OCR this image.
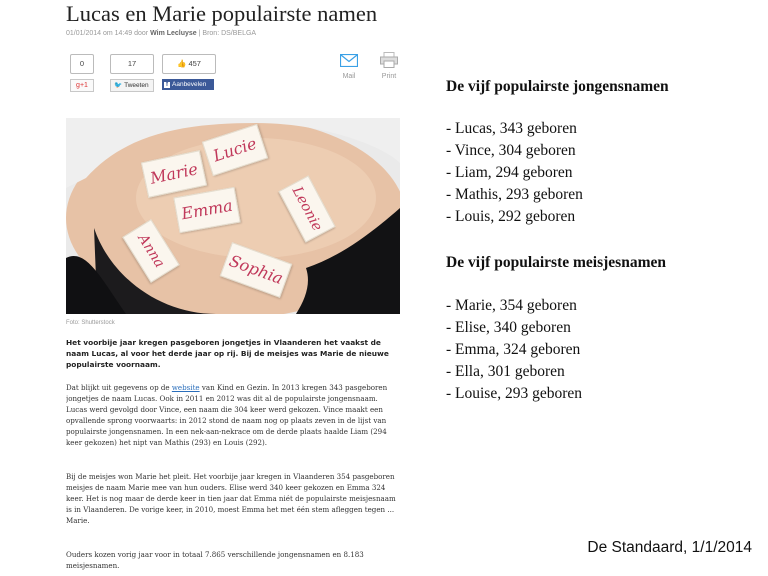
Lucas en Marie populairste namen
01/01/2014 om 14:49 door Wim Lecluyse | Bron: DS/BELGA
0	17	👍 457
g+1	🐦 Tweeten	f Aanbevelen
Mail	Print
Marie
Lucie
Emma	Leonie
Anna	Sophia
Foto: Shutterstock
Het voorbije jaar kregen pasgeboren jongetjes in Vlaanderen het vaakst de naam Lucas, al voor het derde jaar op rij. Bij de meisjes was Marie de nieuwe populairste voornaam.
Dat blijkt uit gegevens op de website van Kind en Gezin. In 2013 kregen 343 pasgeboren jongetjes de naam Lucas. Ook in 2011 en 2012 was dit al de populairste jongensnaam. Lucas werd gevolgd door Vince, een naam die 304 keer werd gekozen. Vince maakt een opvallende sprong voorwaarts: in 2012 stond de naam nog op plaats zeven in de lijst van populairste jongensnamen. In een nek-aan-nekrace om de derde plaats haalde Liam (294 keer gekozen) het nipt van Mathis (293) en Louis (292).
Bij de meisjes won Marie het pleit. Het voorbije jaar kregen in Vlaanderen 354 pasgeboren meisjes de naam Marie mee van hun ouders. Elise werd 340 keer gekozen en Emma 324 keer. Het is nog maar de derde keer in tien jaar dat Emma niét de populairste meisjesnaam is in Vlaanderen. De vorige keer, in 2010, moest Emma het met één stem afleggen tegen ... Marie.
Ouders kozen vorig jaar voor in totaal 7.865 verschillende jongensnamen en 8.183 meisjesnamen.
De vijf populairste jongensnamen
- Lucas, 343 geboren
- Vince, 304 geboren
- Liam, 294 geboren
- Mathis, 293 geboren
- Louis, 292 geboren
De vijf populairste meisjesnamen
- Marie, 354 geboren
- Elise, 340 geboren
- Emma, 324 geboren
- Ella, 301 geboren
- Louise, 293 geboren
De Standaard, 1/1/2014
